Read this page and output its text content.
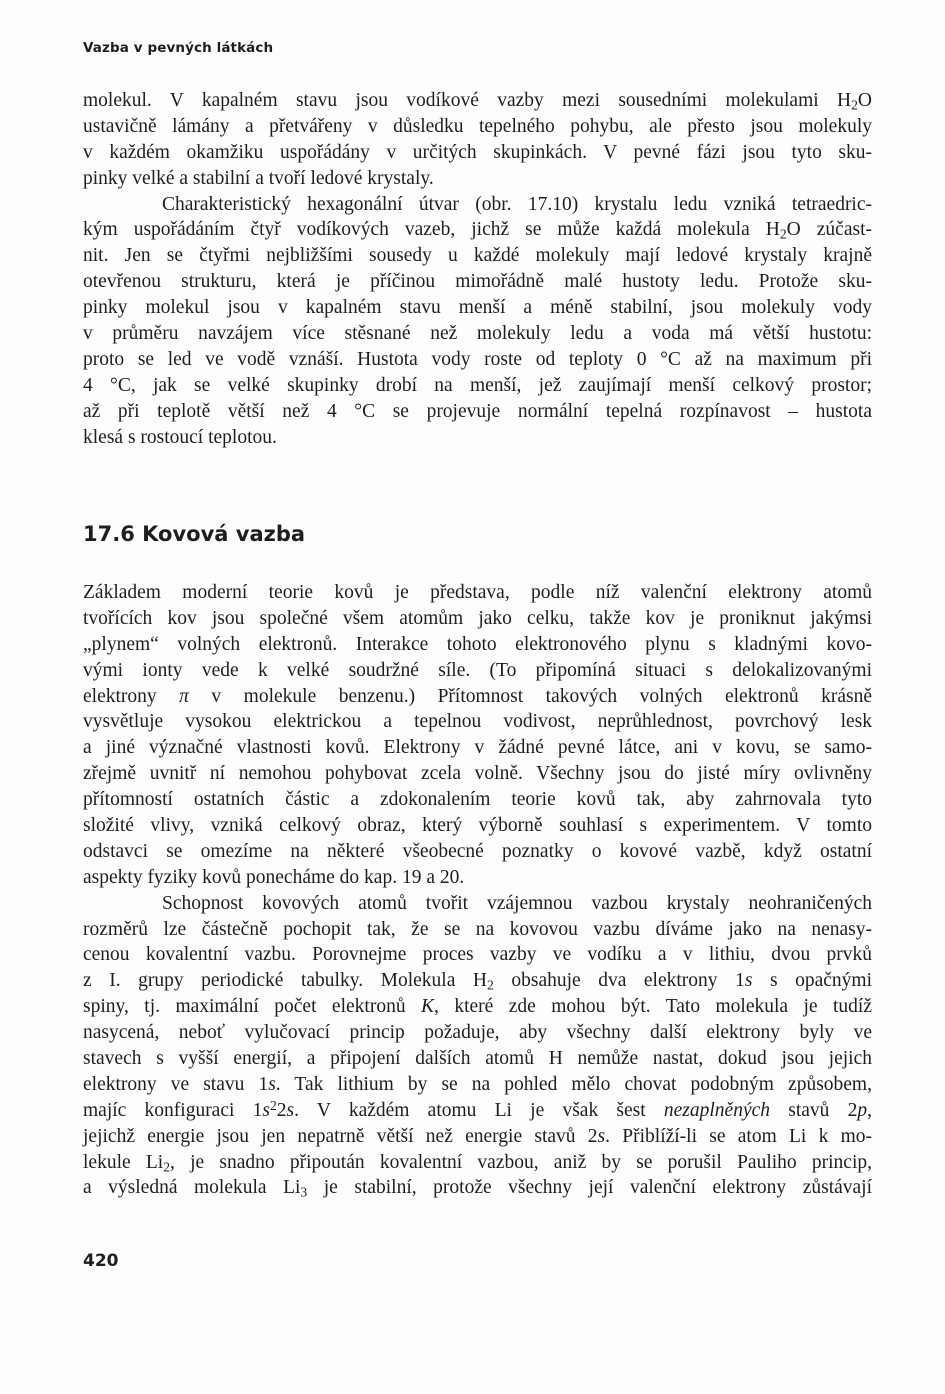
Vazba v pevných látkách
molekul. V kapalném stavu jsou vodíkové vazby mezi sousedními molekulami $H_2O$
ustavičně lámány a přetvářeny v důsledku tepelného pohybu, ale přesto jsou molekuly
v každém okamžiku uspořádány v určitých skupinkách. V pevné fázi jsou tyto sku-
pinky velké a stabilní a tvoří ledové krystaly.
Charakteristický hexagonální útvar (obr. 17.10) krystalu ledu vzniká tetraedric-
kým uspořádáním čtyř vodíkových vazeb, jichž se může každá molekula $H_2O$ zúčast-
nit. Jen se čtyřmi nejbližšími sousedy u každé molekuly mají ledové krystaly krajně
otevřenou strukturu, která je příčinou mimořádně malé hustoty ledu. Protože sku-
pinky molekul jsou v kapalném stavu menší a méně stabilní, jsou molekuly vody
v průměru navzájem více stěsnané než molekuly ledu a voda má větší hustotu:
proto se led ve vodě vznáší. Hustota vody roste od teploty 0 °C až na maximum při
4 °C, jak se velké skupinky drobí na menší, jež zaujímají menší celkový prostor;
až při teplotě větší než 4 °C se projevuje normální tepelná rozpínavost – hustota
klesá s rostoucí teplotou.
17.6 Kovová vazba
Základem moderní teorie kovů je představa, podle níž valenční elektrony atomů
tvořících kov jsou společné všem atomům jako celku, takže kov je proniknut jakýmsi
„plynem“ volných elektronů. Interakce tohoto elektronového plynu s kladnými kovo-
vými ionty vede k velké soudržné síle. (To připomíná situaci s delokalizovanými
elektrony π v molekule benzenu.) Přítomnost takových volných elektronů krásně
vysvětluje vysokou elektrickou a tepelnou vodivost, neprůhlednost, povrchový lesk
a jiné význačné vlastnosti kovů. Elektrony v žádné pevné látce, ani v kovu, se samo-
zřejmě uvnitř ní nemohou pohybovat zcela volně. Všechny jsou do jisté míry ovlivněny
přítomností ostatních částic a zdokonalením teorie kovů tak, aby zahrnovala tyto
složité vlivy, vzniká celkový obraz, který výborně souhlasí s experimentem. V tomto
odstavci se omezíme na některé všeobecné poznatky o kovové vazbě, když ostatní
aspekty fyziky kovů ponecháme do kap. 19 a 20.
Schopnost kovových atomů tvořit vzájemnou vazbou krystaly neohraničených
rozměrů lze částečně pochopit tak, že se na kovovou vazbu díváme jako na nenasy-
cenou kovalentní vazbu. Porovnejme proces vazby ve vodíku a v lithiu, dvou prvků
z I. grupy periodické tabulky. Molekula $H_2$ obsahuje dva elektrony 1s s opačnými
spiny, tj. maximální počet elektronů K, které zde mohou být. Tato molekula je tudíž
nasycená, neboť vylučovací princip požaduje, aby všechny další elektrony byly ve
stavech s vyšší energií, a připojení dalších atomů H nemůže nastat, dokud jsou jejich
elektrony ve stavu 1s. Tak lithium by se na pohled mělo chovat podobným způsobem,
majíc konfiguraci $1s^22s$. V každém atomu Li je však šest nezaplněných stavů 2p,
jejichž energie jsou jen nepatrně větší než energie stavů 2s. Přiblíží-li se atom Li k mo-
lekule $Li_2$, je snadno připoután kovalentní vazbou, aniž by se porušil Pauliho princip,
a výsledná molekula $Li_3$ je stabilní, protože všechny její valenční elektrony zůstávají
420
